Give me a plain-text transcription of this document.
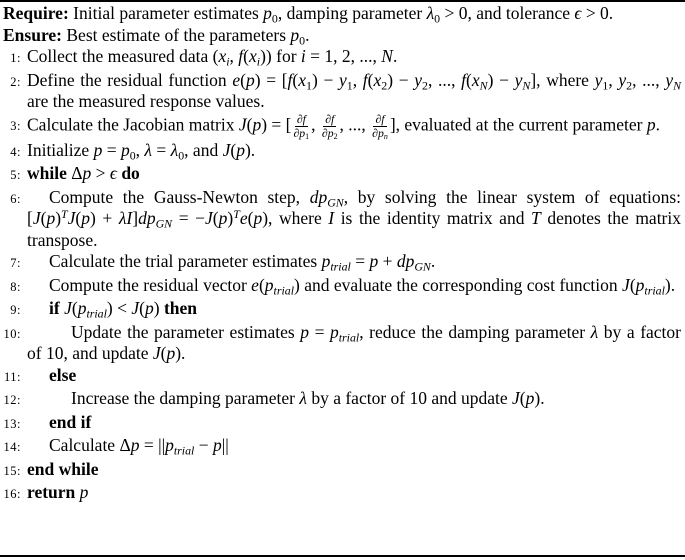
Require: Initial parameter estimates $p_0$, damping parameter $\lambda_0 > 0$, and tolerance ϵ > 0.
Ensure: Best estimate of the parameters $p_0$.
1: Collect the measured data ($x_i$, $f(x_i)$) for i = 1, 2, ..., N.
2: Define the residual function $e(p) = [f(x_1) - y_1$, $f(x_2) - y_2$, ..., $f(x_N) - y_N$], where $y_1$, $y_2$, ..., $y_N$ are the measured response values.
3: Calculate the Jacobian matrix J(p) = [ $\frac{\partial f}{\partial p_1}$ , $\frac{\partial f}{\partial p_2}$ , ..., $\frac{\partial f}{\partial p_n}$ ], evaluated at the current parameter p.
4: Initialize $p = p_0$, $\lambda = \lambda_0$, and J(p).
5: while Δp > ϵ do
6:	Compute the Gauss-Newton step, $dp_{GN}$, by solving the linear system of equations: $[J(p)^TJ(p) + \lambda I]dp_{GN} = -J(p)^Te(p)$, where I is the identity matrix and T denotes the matrix transpose.
7:	Calculate the trial parameter estimates $p_{trial} = p + dp_{GN}$.
8:	Compute the residual vector $e(p_{trial})$ and evaluate the corresponding cost function $J(p_{trial})$.
9:	if $J(p_{trial}) < J(p)$ then
10:	Update the parameter estimates $p = p_{trial}$, reduce the damping parameter λ by a factor of 10, and update J(p).
11:	else
12:	Increase the damping parameter λ by a factor of 10 and update J(p).
13:	end if
14:	Calculate $\Delta p = ||p_{trial} - p||$
15: end while
16: return p
